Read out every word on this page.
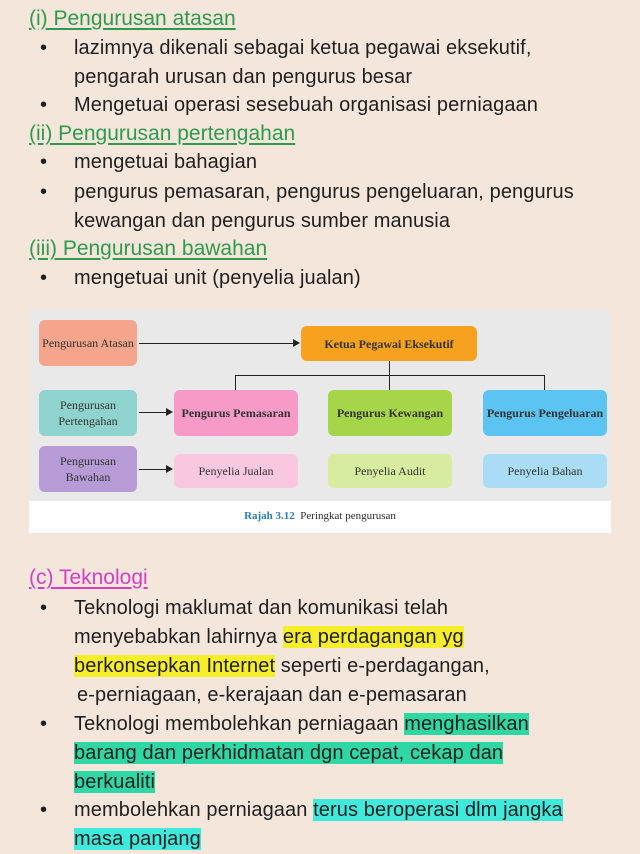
(i) Pengurusan atasan
•	lazimnya dikenali sebagai ketua pegawai eksekutif,
pengarah urusan dan pengurus besar
•	Mengetuai operasi sesebuah organisasi perniagaan
(ii) Pengurusan pertengahan
•	mengetuai bahagian
•	pengurus pemasaran, pengurus pengeluaran, pengurus
kewangan dan pengurus sumber manusia
(iii) Pengurusan bawahan
•	mengetuai unit (penyelia jualan)
Pengurusan Atasan
Pengurusan Pertengahan
Pengurusan Bawahan
Ketua Pegawai Eksekutif
Pengurus Pemasaran	Pengurus Kewangan	Pengurus Pengeluaran
Penyelia Jualan	Penyelia Audit	Penyelia Bahan
Rajah 3.12 Peringkat pengurusan
(c) Teknologi
•	Teknologi maklumat dan komunikasi telah
menyebabkan lahirnya era perdagangan yg
berkonsepkan Internet seperti e-perdagangan,
e-perniagaan, e-kerajaan dan e-pemasaran
•	Teknologi membolehkan perniagaan menghasilkan
barang dan perkhidmatan dgn cepat, cekap dan
berkualiti
•	membolehkan perniagaan terus beroperasi dlm jangka
masa panjang
